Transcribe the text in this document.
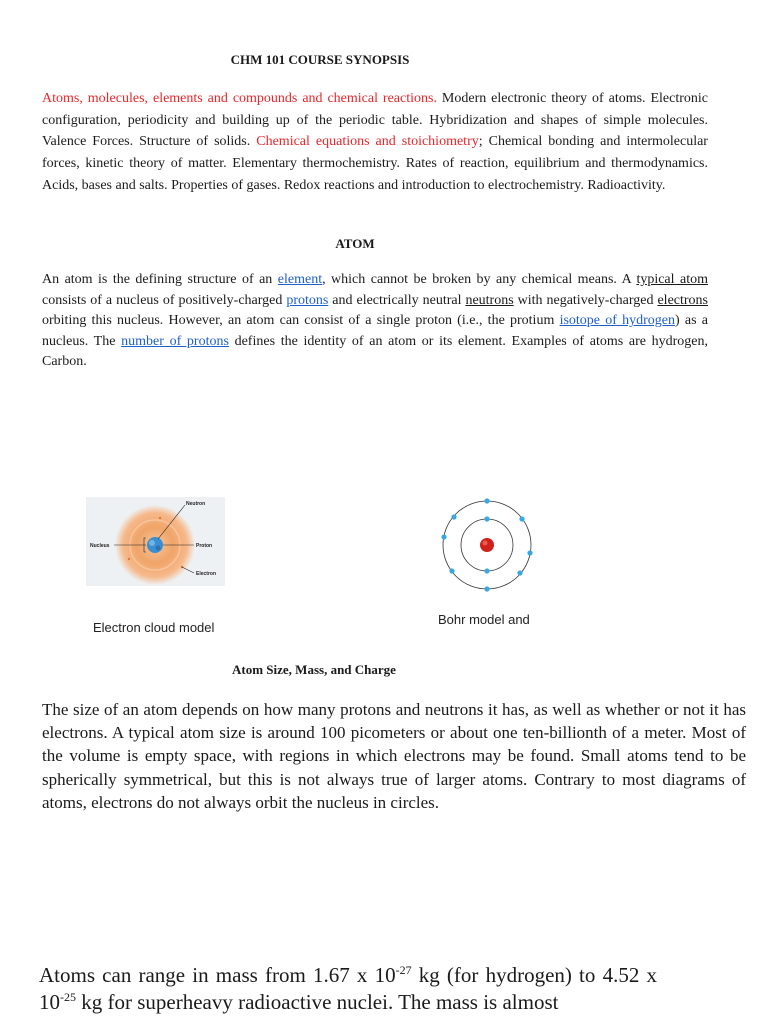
CHM 101 COURSE SYNOPSIS
Atoms, molecules, elements and compounds and chemical reactions. Modern electronic theory of atoms. Electronic configuration, periodicity and building up of the periodic table. Hybridization and shapes of simple molecules. Valence Forces. Structure of solids. Chemical equations and stoichiometry; Chemical bonding and intermolecular forces, kinetic theory of matter. Elementary thermochemistry. Rates of reaction, equilibrium and thermodynamics. Acids, bases and salts. Properties of gases. Redox reactions and introduction to electrochemistry. Radioactivity.
ATOM
An atom is the defining structure of an element, which cannot be broken by any chemical means. A typical atom consists of a nucleus of positively-charged protons and electrically neutral neutrons with negatively-charged electrons orbiting this nucleus. However, an atom can consist of a single proton (i.e., the protium isotope of hydrogen) as a nucleus. The number of protons defines the identity of an atom or its element. Examples of atoms are hydrogen, Carbon.
Neutron
Nucleus	Proton
Electron
Electron cloud model
Bohr model and
Atom Size, Mass, and Charge
The size of an atom depends on how many protons and neutrons it has, as well as whether or not it has electrons. A typical atom size is around 100 picometers or about one ten-billionth of a meter. Most of the volume is empty space, with regions in which electrons may be found. Small atoms tend to be spherically symmetrical, but this is not always true of larger atoms. Contrary to most diagrams of atoms, electrons do not always orbit the nucleus in circles.
Atoms can range in mass from 1.67 x $10^{-27}$ kg (for hydrogen) to 4.52 x $10^{-25}$ kg for superheavy radioactive nuclei. The mass is almost
